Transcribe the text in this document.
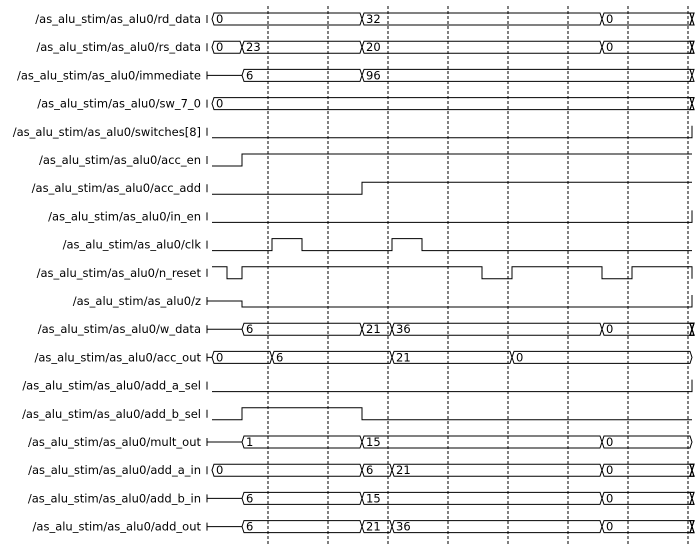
/as_alu_stim/as_alu0/rd_data 0	32	0
/as_alu_stim/as_alu0/rs_data 0 23	20	0
/as_alu_stim/as_alu0/immediate	6	96
/as_alu_stim/as_alu0/sw_7_0 0
/as_alu_stim/as_alu0/switches[8]
/as_alu_stim/as_alu0/acc_en
/as_alu_stim/as_alu0/acc_add
/as_alu_stim/as_alu0/in_en
/as_alu_stim/as_alu0/clk
/as_alu_stim/as_alu0/n_reset
/as_alu_stim/as_alu0/z
/as_alu_stim/as_alu0/w_data	6	21 36	0
/as_alu_stim/as_alu0/acc_out 0	6	21	0
/as_alu_stim/as_alu0/add_a_sel
/as_alu_stim/as_alu0/add_b_sel
/as_alu_stim/as_alu0/mult_out	1	15	0
/as_alu_stim/as_alu0/add_a_in 0	6 21	0
/as_alu_stim/as_alu0/add_b_in	6	15	0
/as_alu_stim/as_alu0/add_out	6	21 36	0
